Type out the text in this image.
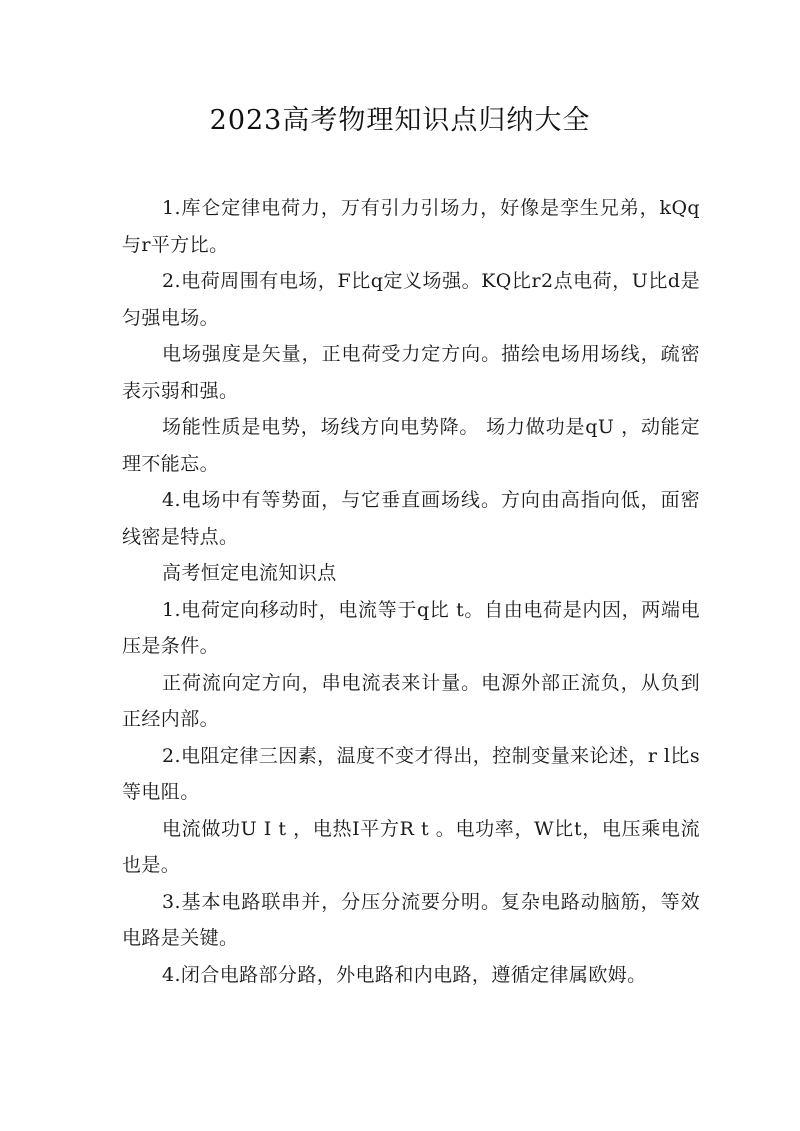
2023高考物理知识点归纳大全

1.库仑定律电荷力，万有引力引场力，好像是孪生兄弟，kQq与r平方比。

2.电荷周围有电场，F比q定义场强。KQ比r2点电荷，U比d是匀强电场。

电场强度是矢量，正电荷受力定方向。描绘电场用场线，疏密表示弱和强。

场能性质是电势，场线方向电势降。 场力做功是qU ，动能定理不能忘。

4.电场中有等势面，与它垂直画场线。方向由高指向低，面密线密是特点。

高考恒定电流知识点

1.电荷定向移动时，电流等于q比 t。自由电荷是内因，两端电压是条件。

正荷流向定方向，串电流表来计量。电源外部正流负，从负到正经内部。

2.电阻定律三因素，温度不变才得出，控制变量来论述，r l比s 等电阻。

电流做功U I t ，电热I平方R t 。电功率，W比t，电压乘电流也是。

3.基本电路联串并，分压分流要分明。复杂电路动脑筋，等效电路是关键。

4.闭合电路部分路，外电路和内电路，遵循定律属欧姆。
